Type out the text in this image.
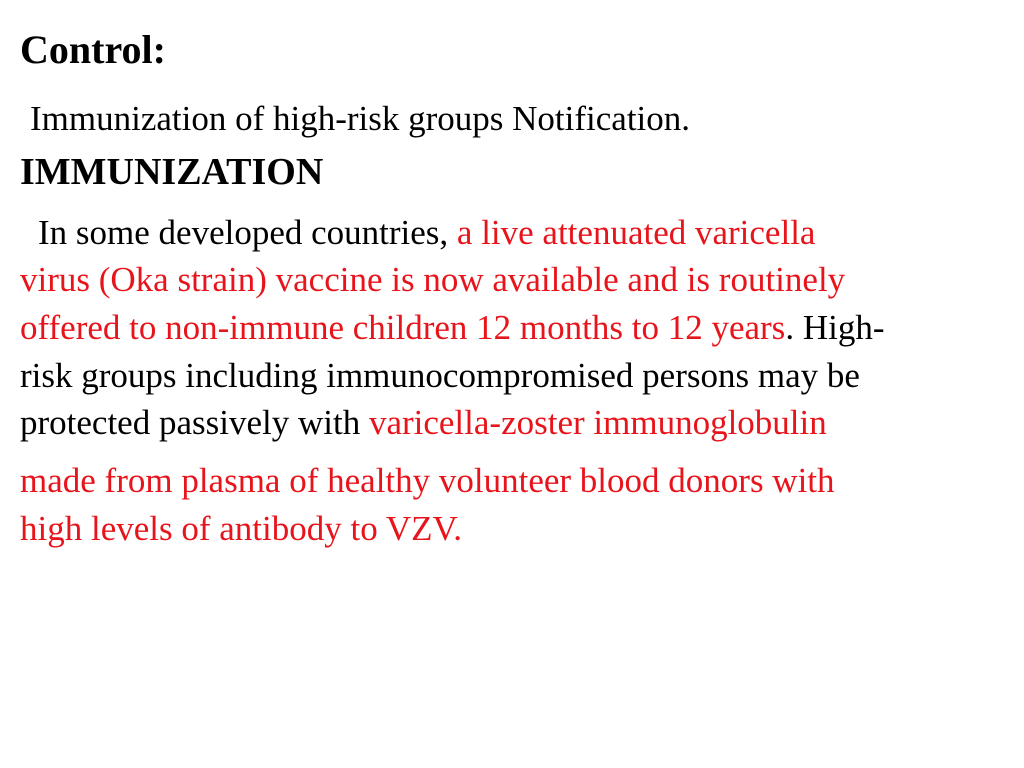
Control:
Immunization of high-risk groups Notification.
IMMUNIZATION
In some developed countries, a live attenuated varicella
virus (Oka strain) vaccine is now available and is routinely
offered to non-immune children 12 months to 12 years. High-
risk groups including immunocompromised persons may be
protected passively with varicella-zoster immunoglobulin
made from plasma of healthy volunteer blood donors with
high levels of antibody to VZV.
